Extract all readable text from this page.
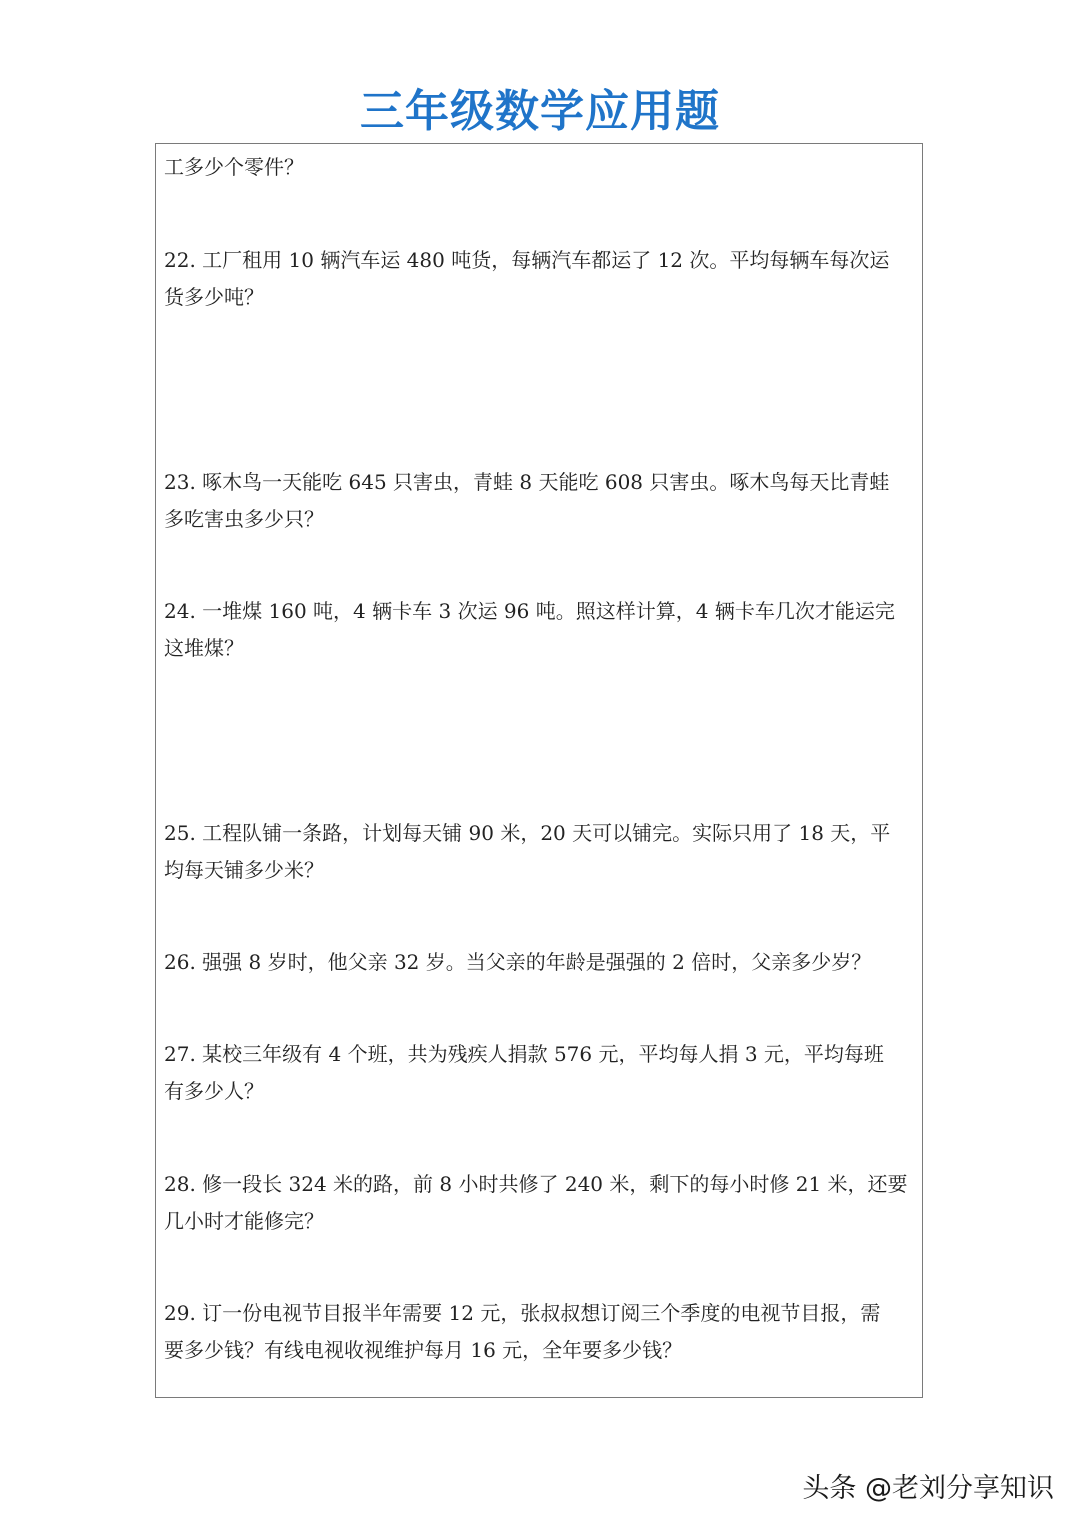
三年级数学应用题
工多少个零件？
22. 工厂租用 10 辆汽车运 480 吨货，每辆汽车都运了 12 次。平均每辆车每次运
货多少吨？
23. 啄木鸟一天能吃 645 只害虫，青蛙 8 天能吃 608 只害虫。啄木鸟每天比青蛙
多吃害虫多少只？
24. 一堆煤 160 吨，4 辆卡车 3 次运 96 吨。照这样计算，4 辆卡车几次才能运完
这堆煤？
25. 工程队铺一条路，计划每天铺 90 米，20 天可以铺完。实际只用了 18 天，平
均每天铺多少米？
26. 强强 8 岁时，他父亲 32 岁。当父亲的年龄是强强的 2 倍时，父亲多少岁？
27. 某校三年级有 4 个班，共为残疾人捐款 576 元，平均每人捐 3 元，平均每班
有多少人？
28. 修一段长 324 米的路，前 8 小时共修了 240 米，剩下的每小时修 21 米，还要
几小时才能修完？
29. 订一份电视节目报半年需要 12 元，张叔叔想订阅三个季度的电视节目报，需
要多少钱？有线电视收视维护每月 16 元，全年要多少钱？
头条 @老刘分享知识
